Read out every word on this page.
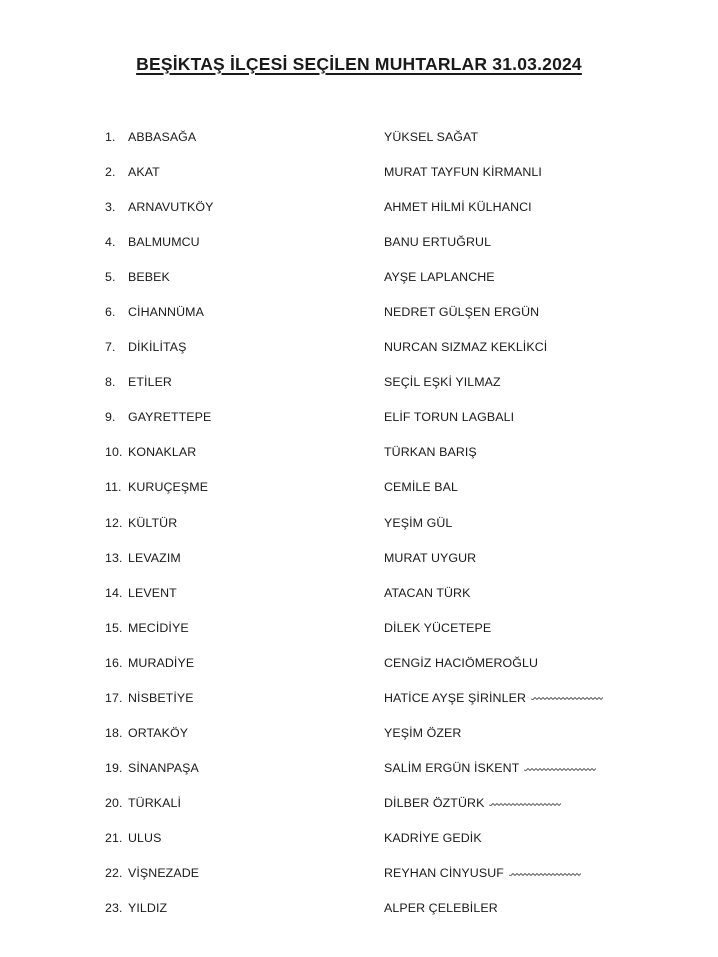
BEŞİKTAŞ İLÇESİ SEÇİLEN MUHTARLAR 31.03.2024
1.	ABBASAĞA	YÜKSEL SAĞAT
2.	AKAT	MURAT TAYFUN KİRMANLI
3.	ARNAVUTKÖY	AHMET HİLMİ KÜLHANCI
4.	BALMUMCU	BANU ERTUĞRUL
5.	BEBEK	AYŞE LAPLANCHE
6.	CİHANNÜMA	NEDRET GÜLŞEN ERGÜN
7.	DİKİLİTAŞ	NURCAN SIZMAZ KEKLİKCİ
8.	ETİLER	SEÇİL EŞKİ YILMAZ
9.	GAYRETTEPE	ELİF TORUN LAGBALI
10. KONAKLAR	TÜRKAN BARIŞ
11. KURUÇEŞME	CEMİLE BAL
12. KÜLTÜR	YEŞİM GÜL
13. LEVAZIM	MURAT UYGUR
14. LEVENT	ATACAN TÜRK
15. MECİDİYE	DİLEK YÜCETEPE
16. MURADİYE	CENGİZ HACIÖMEROĞLU
17. NİSBETİYE	HATİCE AYŞE ŞİRİNLER
18. ORTAKÖY	YEŞİM ÖZER
19. SİNANPAŞA	SALİM ERGÜN İSKENT
20. TÜRKALİ	DİLBER ÖZTÜRK
21. ULUS	KADRİYE GEDİK
22. VİŞNEZADE	REYHAN CİNYUSUF
23. YILDIZ	ALPER ÇELEBİLER
